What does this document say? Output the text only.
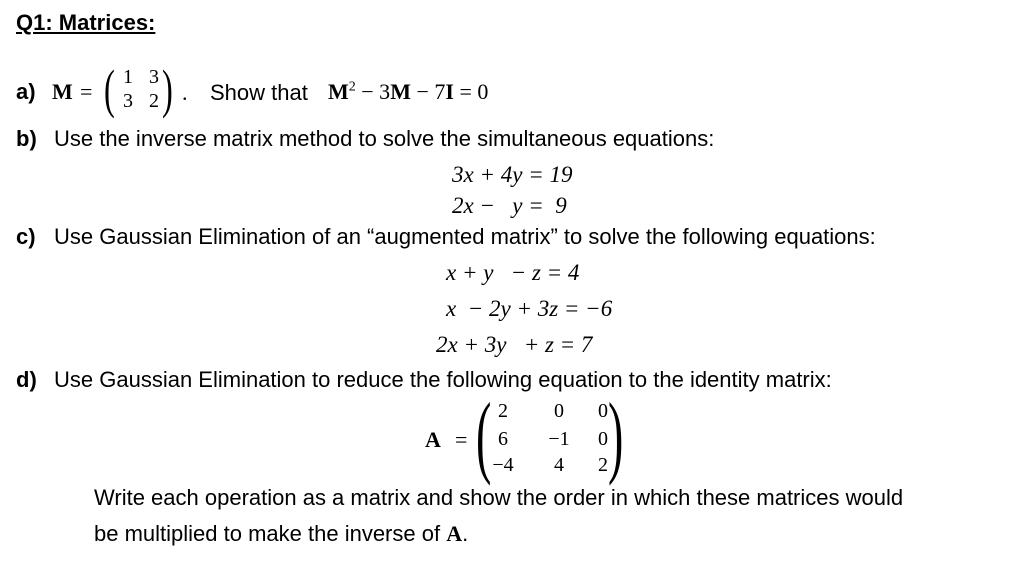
Q1: Matrices:
a) M = ( 1 3
3 2 ) . Show that $M^2 - 3M - 7I = 0$
b) Use the inverse matrix method to solve the simultaneous equations:
3x + 4y = 19
2x −   y =  9
c) Use Gaussian Elimination of an “augmented matrix” to solve the following equations:
x + y   − z = 4
x  − 2y + 3z = −6
2x + 3y   + z = 7
d) Use Gaussian Elimination to reduce the following equation to the identity matrix:
A = ( 2	0	0
6	−1	0
−4	4	2 )
Write each operation as a matrix and show the order in which these matrices would
be multiplied to make the inverse of A.
